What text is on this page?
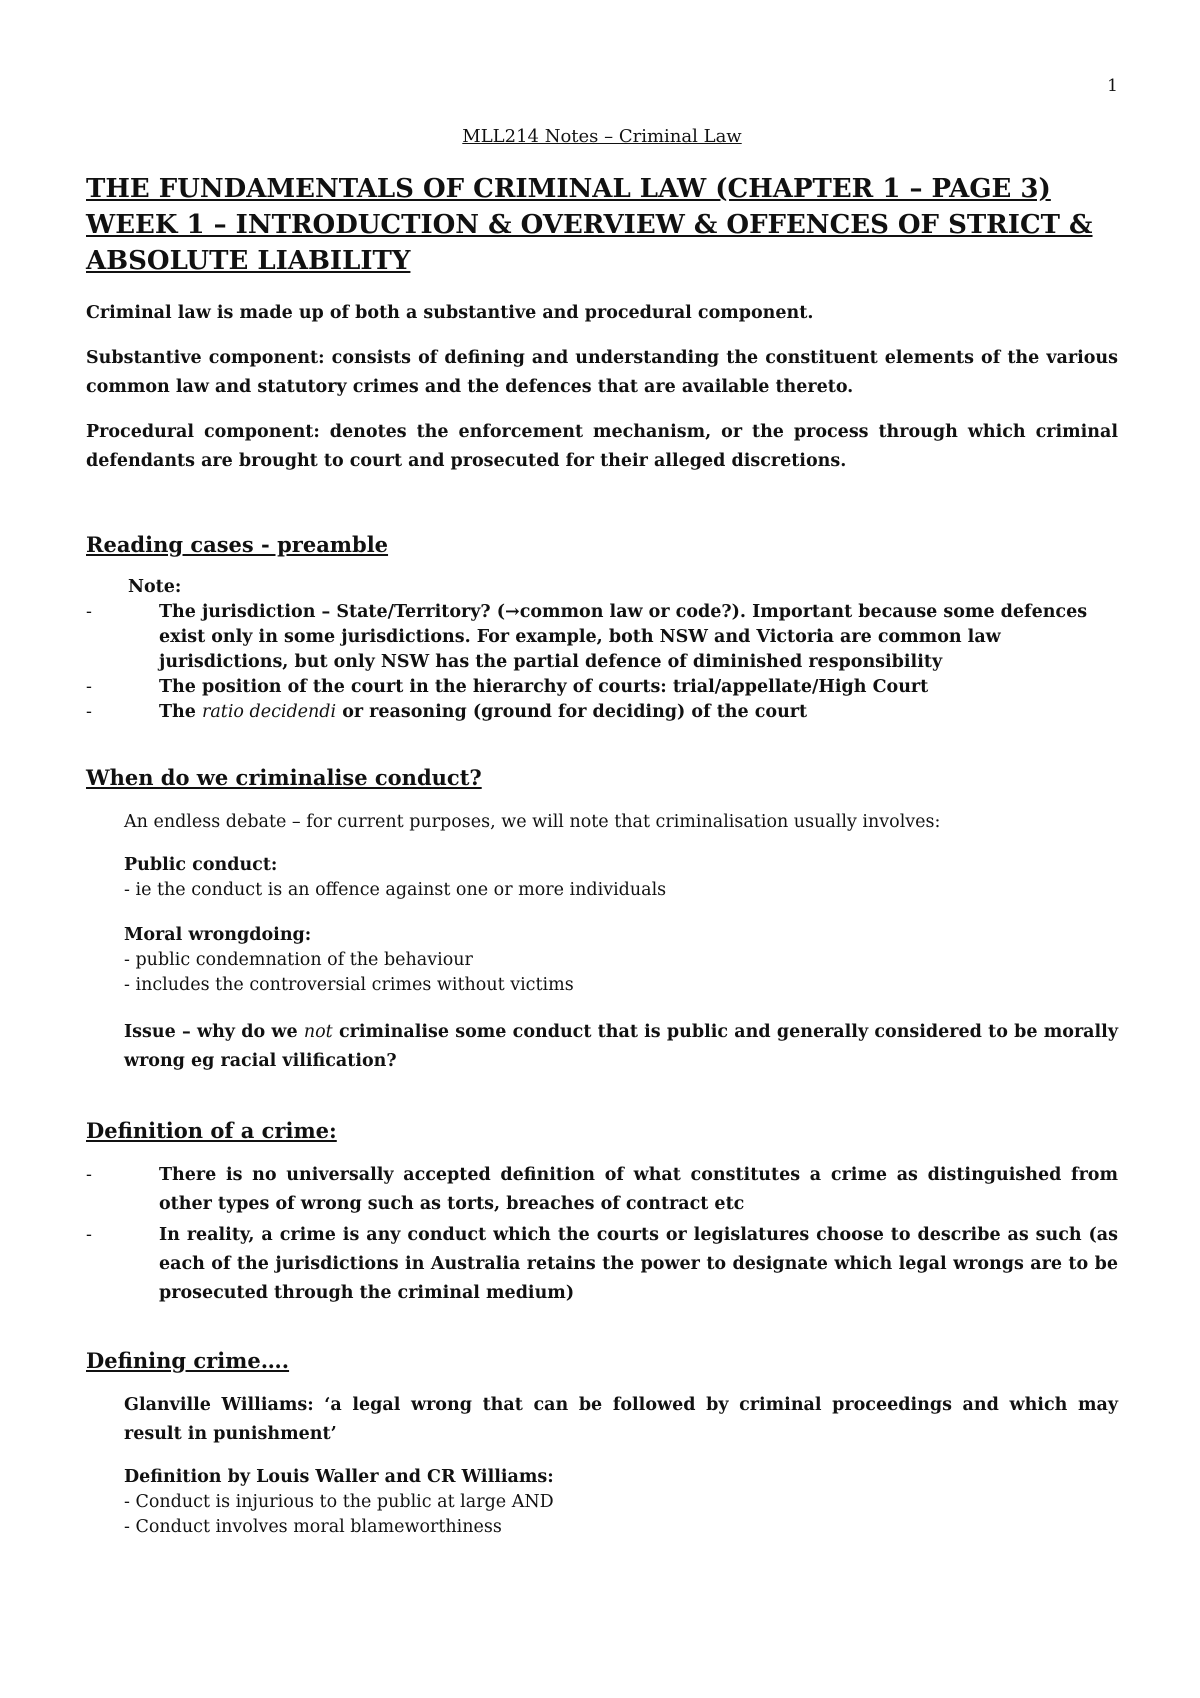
1
MLL214 Notes – Criminal Law
THE FUNDAMENTALS OF CRIMINAL LAW (CHAPTER 1 – PAGE 3)
WEEK 1 – INTRODUCTION & OVERVIEW & OFFENCES OF STRICT &
ABSOLUTE LIABILITY

Criminal law is made up of both a substantive and procedural component.

Substantive component: consists of defining and understanding the constituent elements of the various common law and statutory crimes and the defences that are available thereto.

Procedural component: denotes the enforcement mechanism, or the process through which criminal defendants are brought to court and prosecuted for their alleged discretions.

Reading cases - preamble
Note:
- The jurisdiction – State/Territory? (→common law or code?). Important because some defences exist only in some jurisdictions. For example, both NSW and Victoria are common law jurisdictions, but only NSW has the partial defence of diminished responsibility
- The position of the court in the hierarchy of courts: trial/appellate/High Court
- The ratio decidendi or reasoning (ground for deciding) of the court
When do we criminalise conduct?

An endless debate – for current purposes, we will note that criminalisation usually involves:

Public conduct:
- ie the conduct is an offence against one or more individuals
Moral wrongdoing:
- public condemnation of the behaviour
- includes the controversial crimes without victims

Issue – why do we not criminalise some conduct that is public and generally considered to be morally wrong eg racial vilification?

Definition of a crime:
- There is no universally accepted definition of what constitutes a crime as distinguished from other types of wrong such as torts, breaches of contract etc
- In reality, a crime is any conduct which the courts or legislatures choose to describe as such (as each of the jurisdictions in Australia retains the power to designate which legal wrongs are to be prosecuted through the criminal medium)
Defining crime….

Glanville Williams: ‘a legal wrong that can be followed by criminal proceedings and which may result in punishment’

Definition by Louis Waller and CR Williams:
- Conduct is injurious to the public at large AND
- Conduct involves moral blameworthiness
